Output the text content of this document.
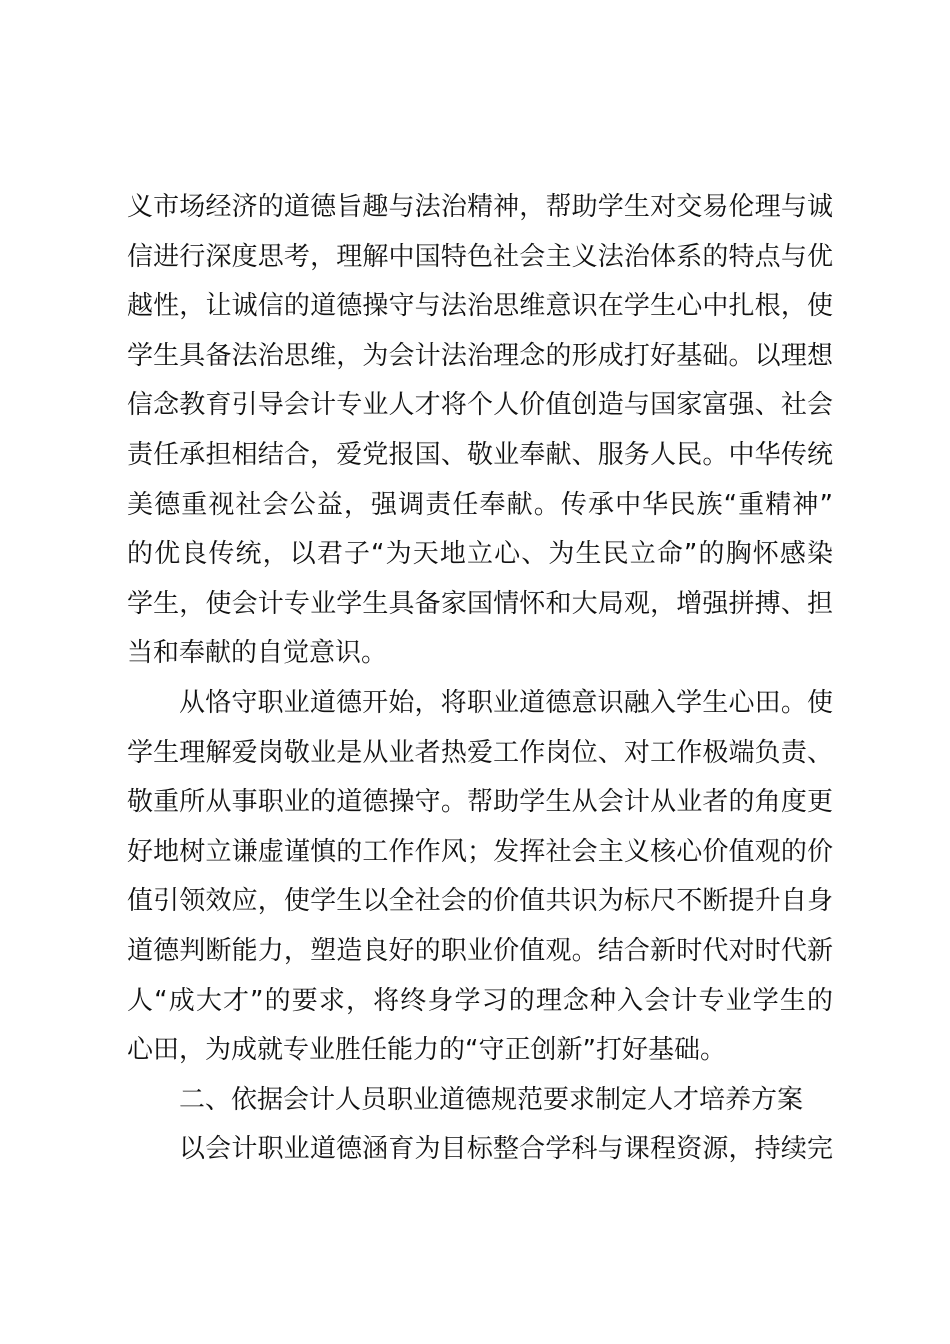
义市场经济的道德旨趣与法治精神，帮助学生对交易伦理与诚
信进行深度思考，理解中国特色社会主义法治体系的特点与优
越性，让诚信的道德操守与法治思维意识在学生心中扎根，使
学生具备法治思维，为会计法治理念的形成打好基础。以理想
信念教育引导会计专业人才将个人价值创造与国家富强、社会
责任承担相结合，爱党报国、敬业奉献、服务人民。中华传统
美德重视社会公益，强调责任奉献。传承中华民族“重精神”
的优良传统，以君子“为天地立心、为生民立命”的胸怀感染
学生，使会计专业学生具备家国情怀和大局观，增强拼搏、担
当和奉献的自觉意识。
从恪守职业道德开始，将职业道德意识融入学生心田。使
学生理解爱岗敬业是从业者热爱工作岗位、对工作极端负责、
敬重所从事职业的道德操守。帮助学生从会计从业者的角度更
好地树立谦虚谨慎的工作作风；发挥社会主义核心价值观的价
值引领效应，使学生以全社会的价值共识为标尺不断提升自身
道德判断能力，塑造良好的职业价值观。结合新时代对时代新
人“成大才”的要求，将终身学习的理念种入会计专业学生的
心田，为成就专业胜任能力的“守正创新”打好基础。
二、依据会计人员职业道德规范要求制定人才培养方案
以会计职业道德涵育为目标整合学科与课程资源，持续完
